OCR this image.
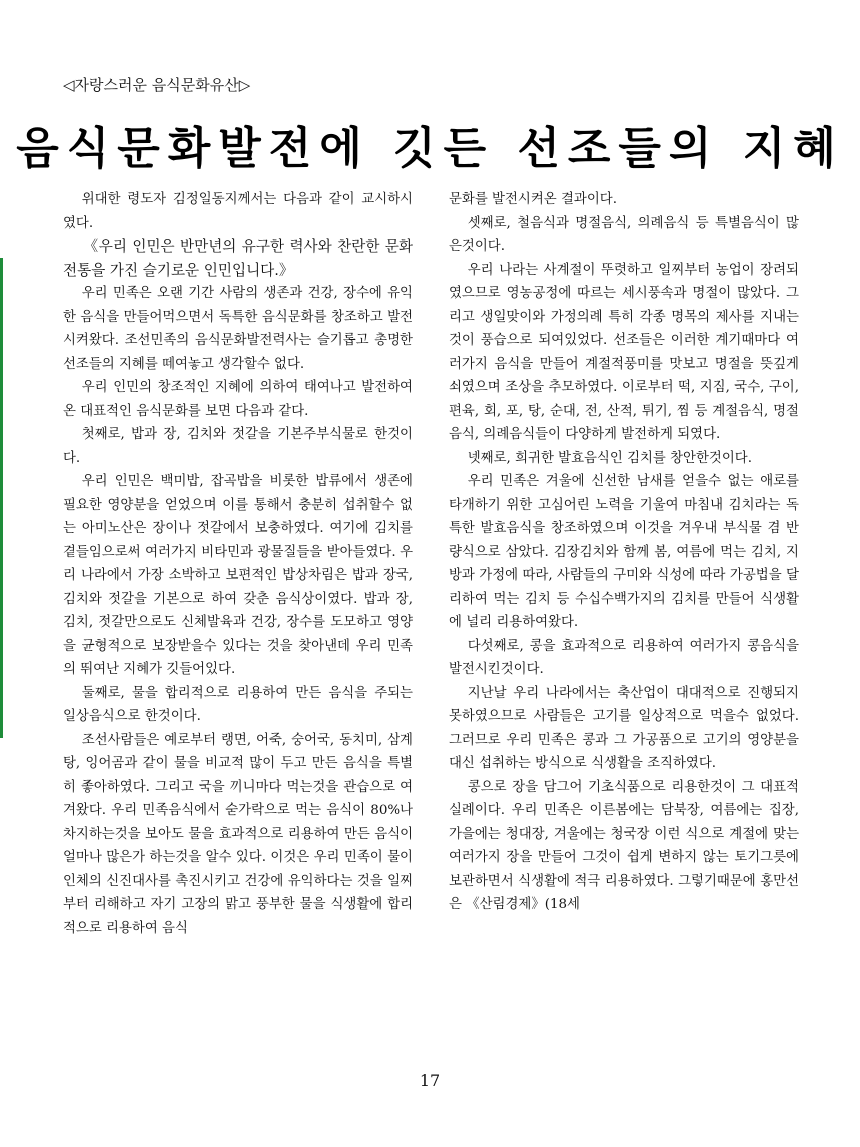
◁자랑스러운 음식문화유산▷
음식문화발전에 깃든 선조들의 지혜

위대한 령도자 김정일동지께서는 다음과 같이 교시하시였다.

《우리 인민은 반만년의 유구한 력사와 찬란한 문화전통을 가진 슬기로운 인민입니다.》

우리 민족은 오랜 기간 사람의 생존과 건강, 장수에 유익한 음식을 만들어먹으면서 독특한 음식문화를 창조하고 발전시켜왔다. 조선민족의 음식문화발전력사는 슬기롭고 총명한 선조들의 지혜를 떼여놓고 생각할수 없다.

우리 인민의 창조적인 지혜에 의하여 태여나고 발전하여온 대표적인 음식문화를 보면 다음과 같다.

첫째로, 밥과 장, 김치와 젓갈을 기본주부식물로 한것이다.

우리 인민은 백미밥, 잡곡밥을 비롯한 밥류에서 생존에 필요한 영양분을 얻었으며 이를 통해서 충분히 섭취할수 없는 아미노산은 장이나 젓갈에서 보충하였다. 여기에 김치를 곁들임으로써 여러가지 비타민과 광물질들을 받아들였다. 우리 나라에서 가장 소박하고 보편적인 밥상차림은 밥과 장국, 김치와 젓갈을 기본으로 하여 갖춘 음식상이였다. 밥과 장, 김치, 젓갈만으로도 신체발육과 건강, 장수를 도모하고 영양을 균형적으로 보장받을수 있다는 것을 찾아낸데 우리 민족의 뛰여난 지혜가 깃들어있다.

둘째로, 물을 합리적으로 리용하여 만든 음식을 주되는 일상음식으로 한것이다.

조선사람들은 예로부터 랭면, 어죽, 숭어국, 동치미, 삼계탕, 잉어곰과 같이 물을 비교적 많이 두고 만든 음식을 특별히 좋아하였다. 그리고 국을 끼니마다 먹는것을 관습으로 여겨왔다. 우리 민족음식에서 숟가락으로 먹는 음식이 80%나 차지하는것을 보아도 물을 효과적으로 리용하여 만든 음식이 얼마나 많은가 하는것을 알수 있다. 이것은 우리 민족이 물이 인체의 신진대사를 촉진시키고 건강에 유익하다는 것을 일찌부터 리해하고 자기 고장의 맑고 풍부한 물을 식생활에 합리적으로 리용하여 음식

문화를 발전시켜온 결과이다.

셋째로, 철음식과 명절음식, 의례음식 등 특별음식이 많은것이다.

우리 나라는 사계절이 뚜렷하고 일찌부터 농업이 장려되였으므로 영농공정에 따르는 세시풍속과 명절이 많았다. 그리고 생일맞이와 가정의례 특히 각종 명목의 제사를 지내는것이 풍습으로 되여있었다. 선조들은 이러한 계기때마다 여러가지 음식을 만들어 계절적풍미를 맛보고 명절을 뜻깊게 쇠였으며 조상을 추모하였다. 이로부터 떡, 지짐, 국수, 구이, 편육, 회, 포, 탕, 순대, 전, 산적, 튀기, 찜 등 계절음식, 명절음식, 의례음식들이 다양하게 발전하게 되였다.

넷째로, 희귀한 발효음식인 김치를 창안한것이다.

우리 민족은 겨울에 신선한 남새를 얻을수 없는 애로를 타개하기 위한 고심어린 노력을 기울여 마침내 김치라는 독특한 발효음식을 창조하였으며 이것을 겨우내 부식물 겸 반량식으로 삼았다. 김장김치와 함께 봄, 여름에 먹는 김치, 지방과 가정에 따라, 사람들의 구미와 식성에 따라 가공법을 달리하여 먹는 김치 등 수십수백가지의 김치를 만들어 식생활에 널리 리용하여왔다.

다섯째로, 콩을 효과적으로 리용하여 여러가지 콩음식을 발전시킨것이다.

지난날 우리 나라에서는 축산업이 대대적으로 진행되지 못하였으므로 사람들은 고기를 일상적으로 먹을수 없었다. 그러므로 우리 민족은 콩과 그 가공품으로 고기의 영양분을 대신 섭취하는 방식으로 식생활을 조직하였다.

콩으로 장을 담그어 기초식품으로 리용한것이 그 대표적실례이다. 우리 민족은 이른봄에는 담북장, 여름에는 집장, 가을에는 청대장, 겨울에는 청국장 이런 식으로 계절에 맞는 여러가지 장을 만들어 그것이 쉽게 변하지 않는 토기그릇에 보관하면서 식생활에 적극 리용하였다. 그렇기때문에 홍만선은 《산림경제》(18세

17
